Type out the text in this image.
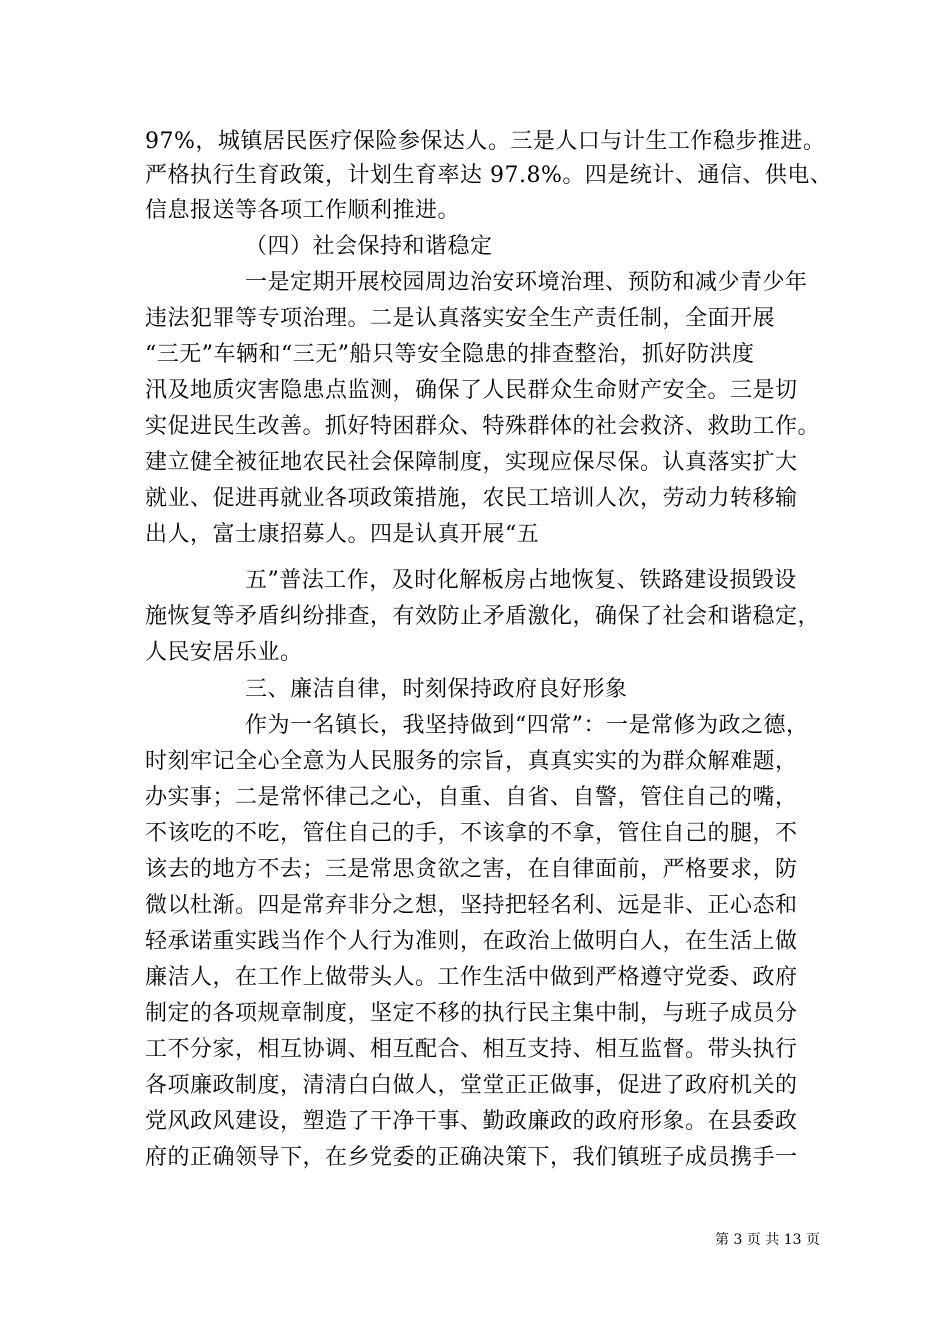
97%，城镇居民医疗保险参保达人。三是人口与计生工作稳步推进。
严格执行生育政策，计划生育率达 97.8%。四是统计、通信、供电、
信息报送等各项工作顺利推进。
（四）社会保持和谐稳定
一是定期开展校园周边治安环境治理、预防和减少青少年
违法犯罪等专项治理。二是认真落实安全生产责任制，全面开展
“三无”车辆和“三无”船只等安全隐患的排查整治，抓好防洪度
汛及地质灾害隐患点监测，确保了人民群众生命财产安全。三是切
实促进民生改善。抓好特困群众、特殊群体的社会救济、救助工作。
建立健全被征地农民社会保障制度，实现应保尽保。认真落实扩大
就业、促进再就业各项政策措施，农民工培训人次，劳动力转移输
出人，富士康招募人。四是认真开展“五
五”普法工作，及时化解板房占地恢复、铁路建设损毁设
施恢复等矛盾纠纷排查，有效防止矛盾激化，确保了社会和谐稳定，
人民安居乐业。
三、廉洁自律，时刻保持政府良好形象
作为一名镇长，我坚持做到“四常”：一是常修为政之德，
时刻牢记全心全意为人民服务的宗旨，真真实实的为群众解难题，
办实事；二是常怀律己之心，自重、自省、自警，管住自己的嘴，
不该吃的不吃，管住自己的手，不该拿的不拿，管住自己的腿，不
该去的地方不去；三是常思贪欲之害，在自律面前，严格要求，防
微以杜渐。四是常弃非分之想，坚持把轻名利、远是非、正心态和
轻承诺重实践当作个人行为准则，在政治上做明白人，在生活上做
廉洁人，在工作上做带头人。工作生活中做到严格遵守党委、政府
制定的各项规章制度，坚定不移的执行民主集中制，与班子成员分
工不分家，相互协调、相互配合、相互支持、相互监督。带头执行
各项廉政制度，清清白白做人，堂堂正正做事，促进了政府机关的
党风政风建设，塑造了干净干事、勤政廉政的政府形象。在县委政
府的正确领导下，在乡党委的正确决策下，我们镇班子成员携手一
第 3 页 共 13 页
